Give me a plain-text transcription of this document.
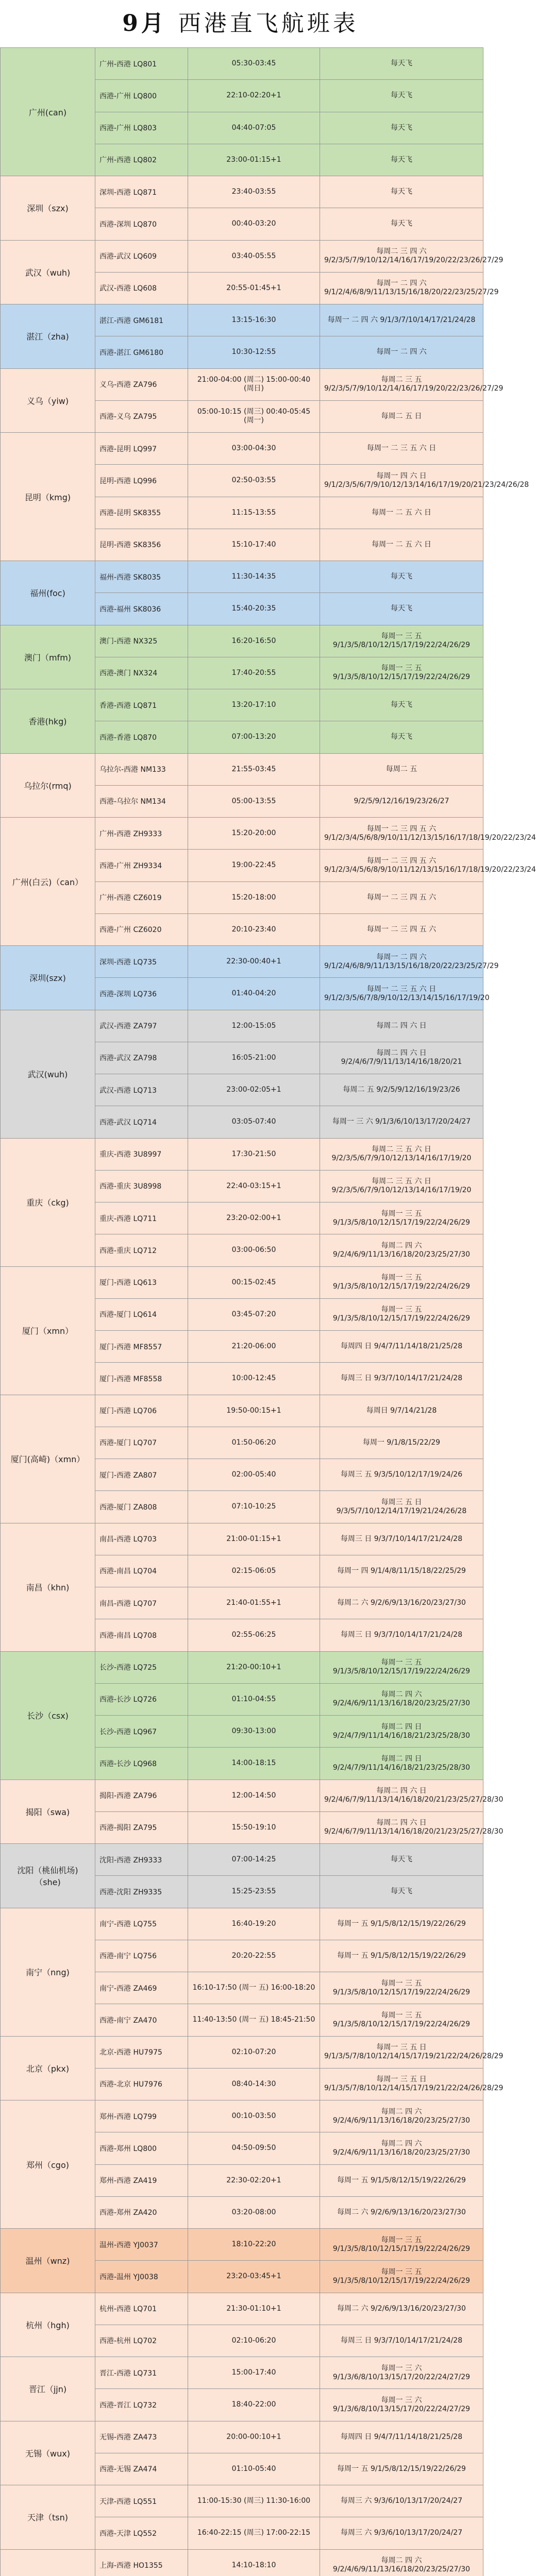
9月 西港直飞航班表
广州(can)	广州-西港 LQ801	05:30-03:45	每天飞
	西港-广州 LQ800	22:10-02:20+1	每天飞
	西港-广州 LQ803	04:40-07:05	每天飞
	广州-西港 LQ802	23:00-01:15+1	每天飞
深圳（szx)	深圳-西港 LQ871	23:40-03:55	每天飞
	西港-深圳 LQ870	00:40-03:20	每天飞
武汉（wuh)	西港-武汉 LQ609	03:40-05:55	每周二 三 四 六 9/2/3/5/7/9/10/12/14/16/17/19/20/22/23/26/27/29
	武汉-西港 LQ608	20:55-01:45+1	每周一 二 四 六 9/1/2/4/6/8/9/11/13/15/16/18/20/22/23/25/27/29
湛江（zha)	湛江-西港 GM6181	13:15-16:30	每周一 二 四 六 9/1/3/7/10/14/17/21/24/28
	西港-湛江 GM6180	10:30-12:55	每周一 二 四 六
义乌（yiw)	义乌-西港 ZA796	21:00-04:00 (周二) 15:00-00:40 (周日)	每周二 三 五 9/2/3/5/7/9/10/12/14/16/17/19/20/22/23/26/27/29
	西港-义乌 ZA795	05:00-10:15 (周三) 00:40-05:45 (周一)	每周二 五 日
昆明（kmg)	西港-昆明 LQ997	03:00-04:30	每周一 二 三 五 六 日
	昆明-西港 LQ996	02:50-03:55	每周一 四 六 日 9/1/2/3/5/6/7/9/10/12/13/14/16/17/19/20/21/23/24/26/28
	西港-昆明 SK8355	11:15-13:55	每周一 二 五 六 日
	昆明-西港 SK8356	15:10-17:40	每周一 二 五 六 日
福州(foc)	福州-西港 SK8035	11:30-14:35	每天飞
	西港-福州 SK8036	15:40-20:35	每天飞
澳门（mfm)	澳门-西港 NX325	16:20-16:50	每周一 三 五 9/1/3/5/8/10/12/15/17/19/22/24/26/29
	西港-澳门 NX324	17:40-20:55	每周一 三 五 9/1/3/5/8/10/12/15/17/19/22/24/26/29
香港(hkg)	香港-西港 LQ871	13:20-17:10	每天飞
	西港-香港 LQ870	07:00-13:20	每天飞
乌拉尔(rmq)	乌拉尔-西港 NM133	21:55-03:45	每周二 五
	西港-乌拉尔 NM134	05:00-13:55	9/2/5/9/12/16/19/23/26/27
广州(白云)（can）	广州-西港 ZH9333	15:20-20:00	每周一 二 三 四 五 六 9/1/2/3/4/5/6/8/9/10/11/12/13/15/16/17/18/19/20/22/23/24
	西港-广州 ZH9334	19:00-22:45	每周一 二 三 四 五 六 9/1/2/3/4/5/6/8/9/10/11/12/13/15/16/17/18/19/20/22/23/24
	广州-西港 CZ6019	15:20-18:00	每周一 二 三 四 五 六
	西港-广州 CZ6020	20:10-23:40	每周一 二 三 四 五 六
深圳(szx)	深圳-西港 LQ735	22:30-00:40+1	每周一 二 四 六 9/1/2/4/6/8/9/11/13/15/16/18/20/22/23/25/27/29
	西港-深圳 LQ736	01:40-04:20	每周一 二 三 五 六 日 9/1/2/3/5/6/7/8/9/10/12/13/14/15/16/17/19/20
武汉(wuh)	武汉-西港 ZA797	12:00-15:05	每周二 四 六 日
	西港-武汉 ZA798	16:05-21:00	每周二 四 六 日 9/2/4/6/7/9/11/13/14/16/18/20/21
	武汉-西港 LQ713	23:00-02:05+1	每周二 五 9/2/5/9/12/16/19/23/26
	西港-武汉 LQ714	03:05-07:40	每周一 三 六 9/1/3/6/10/13/17/20/24/27
重庆（ckg)	重庆-西港 3U8997	17:30-21:50	每周二 三 五 六 日 9/2/3/5/6/7/9/10/12/13/14/16/17/19/20
	西港-重庆 3U8998	22:40-03:15+1	每周二 三 五 六 日 9/2/3/5/6/7/9/10/12/13/14/16/17/19/20
	重庆-西港 LQ711	23:20-02:00+1	每周一 三 五 9/1/3/5/8/10/12/15/17/19/22/24/26/29
	西港-重庆 LQ712	03:00-06:50	每周二 四 六 9/2/4/6/9/11/13/16/18/20/23/25/27/30
厦门（xmn）	厦门-西港 LQ613	00:15-02:45	每周一 三 五 9/1/3/5/8/10/12/15/17/19/22/24/26/29
	西港-厦门 LQ614	03:45-07:20	每周一 三 五 9/1/3/5/8/10/12/15/17/19/22/24/26/29
	厦门-西港 MF8557	21:20-06:00	每周四 日 9/4/7/11/14/18/21/25/28
	厦门-西港 MF8558	10:00-12:45	每周三 日 9/3/7/10/14/17/21/24/28
厦门(高崎)（xmn）	厦门-西港 LQ706	19:50-00:15+1	每周日 9/7/14/21/28
	西港-厦门 LQ707	01:50-06:20	每周一 9/1/8/15/22/29
	厦门-西港 ZA807	02:00-05:40	每周三 五 9/3/5/10/12/17/19/24/26
	西港-厦门 ZA808	07:10-10:25	每周三 五 日 9/3/5/7/10/12/14/17/19/21/24/26/28
南昌（khn)	南昌-西港 LQ703	21:00-01:15+1	每周三 日 9/3/7/10/14/17/21/24/28
	西港-南昌 LQ704	02:15-06:05	每周一 四 9/1/4/8/11/15/18/22/25/29
	南昌-西港 LQ707	21:40-01:55+1	每周二 六 9/2/6/9/13/16/20/23/27/30
	西港-南昌 LQ708	02:55-06:25	每周三 日 9/3/7/10/14/17/21/24/28
长沙（csx)	长沙-西港 LQ725	21:20-00:10+1	每周一 三 五 9/1/3/5/8/10/12/15/17/19/22/24/26/29
	西港-长沙 LQ726	01:10-04:55	每周二 四 六 9/2/4/6/9/11/13/16/18/20/23/25/27/30
	长沙-西港 LQ967	09:30-13:00	每周二 四 日 9/2/4/7/9/11/14/16/18/21/23/25/28/30
	西港-长沙 LQ968	14:00-18:15	每周二 四 日 9/2/4/7/9/11/14/16/18/21/23/25/28/30
揭阳（swa)	揭阳-西港 ZA796	12:00-14:50	每周二 四 六 日 9/2/4/6/7/9/11/13/14/16/18/20/21/23/25/27/28/30
	西港-揭阳 ZA795	15:50-19:10	每周二 四 六 日 9/2/4/6/7/9/11/13/14/16/18/20/21/23/25/27/28/30
沈阳（桃仙机场)（she)	沈阳-西港 ZH9333	07:00-14:25	每天飞
	西港-沈阳 ZH9335	15:25-23:55	每天飞
南宁（nng)	南宁-西港 LQ755	16:40-19:20	每周一 五 9/1/5/8/12/15/19/22/26/29
	西港-南宁 LQ756	20:20-22:55	每周一 五 9/1/5/8/12/15/19/22/26/29
	南宁-西港 ZA469	16:10-17:50 (周一 五) 16:00-18:20	每周一 三 五 9/1/3/5/8/10/12/15/17/19/22/24/26/29
	西港-南宁 ZA470	11:40-13:50 (周一 五) 18:45-21:50	每周一 三 五 9/1/3/5/8/10/12/15/17/19/22/24/26/29
北京（pkx)	北京-西港 HU7975	02:10-07:20	每周一 三 五 日 9/1/3/5/7/8/10/12/14/15/17/19/21/22/24/26/28/29
	西港-北京 HU7976	08:40-14:30	每周一 三 五 日 9/1/3/5/7/8/10/12/14/15/17/19/21/22/24/26/28/29
郑州（cgo)	郑州-西港 LQ799	00:10-03:50	每周二 四 六 9/2/4/6/9/11/13/16/18/20/23/25/27/30
	西港-郑州 LQ800	04:50-09:50	每周二 四 六 9/2/4/6/9/11/13/16/18/20/23/25/27/30
	郑州-西港 ZA419	22:30-02:20+1	每周一 五 9/1/5/8/12/15/19/22/26/29
	西港-郑州 ZA420	03:20-08:00	每周二 六 9/2/6/9/13/16/20/23/27/30
温州（wnz)	温州-西港 YJ0037	18:10-22:20	每周一 三 五 9/1/3/5/8/10/12/15/17/19/22/24/26/29
	西港-温州 YJ0038	23:20-03:45+1	每周一 三 五 9/1/3/5/8/10/12/15/17/19/22/24/26/29
杭州（hgh)	杭州-西港 LQ701	21:30-01:10+1	每周二 六 9/2/6/9/13/16/20/23/27/30
	西港-杭州 LQ702	02:10-06:20	每周三 日 9/3/7/10/14/17/21/24/28
晋江（jjn)	晋江-西港 LQ731	15:00-17:40	每周一 三 六 9/1/3/6/8/10/13/15/17/20/22/24/27/29
	西港-晋江 LQ732	18:40-22:00	每周一 三 六 9/1/3/6/8/10/13/15/17/20/22/24/27/29
无锡（wux)	无锡-西港 ZA473	20:00-00:10+1	每周四 日 9/4/7/11/14/18/21/25/28
	西港-无锡 ZA474	01:10-05:40	每周一 五 9/1/5/8/12/15/19/22/26/29
天津（tsn)	天津-西港 LQ551	11:00-15:30 (周三) 11:30-16:00	每周三 六 9/3/6/10/13/17/20/24/27
	西港-天津 LQ552	16:40-22:15 (周三) 17:00-22:15	每周三 六 9/3/6/10/13/17/20/24/27
	上海-西港 HO1355	14:10-18:10	每周二 四 六 9/2/4/6/9/11/13/16/18/20/23/25/27/30
